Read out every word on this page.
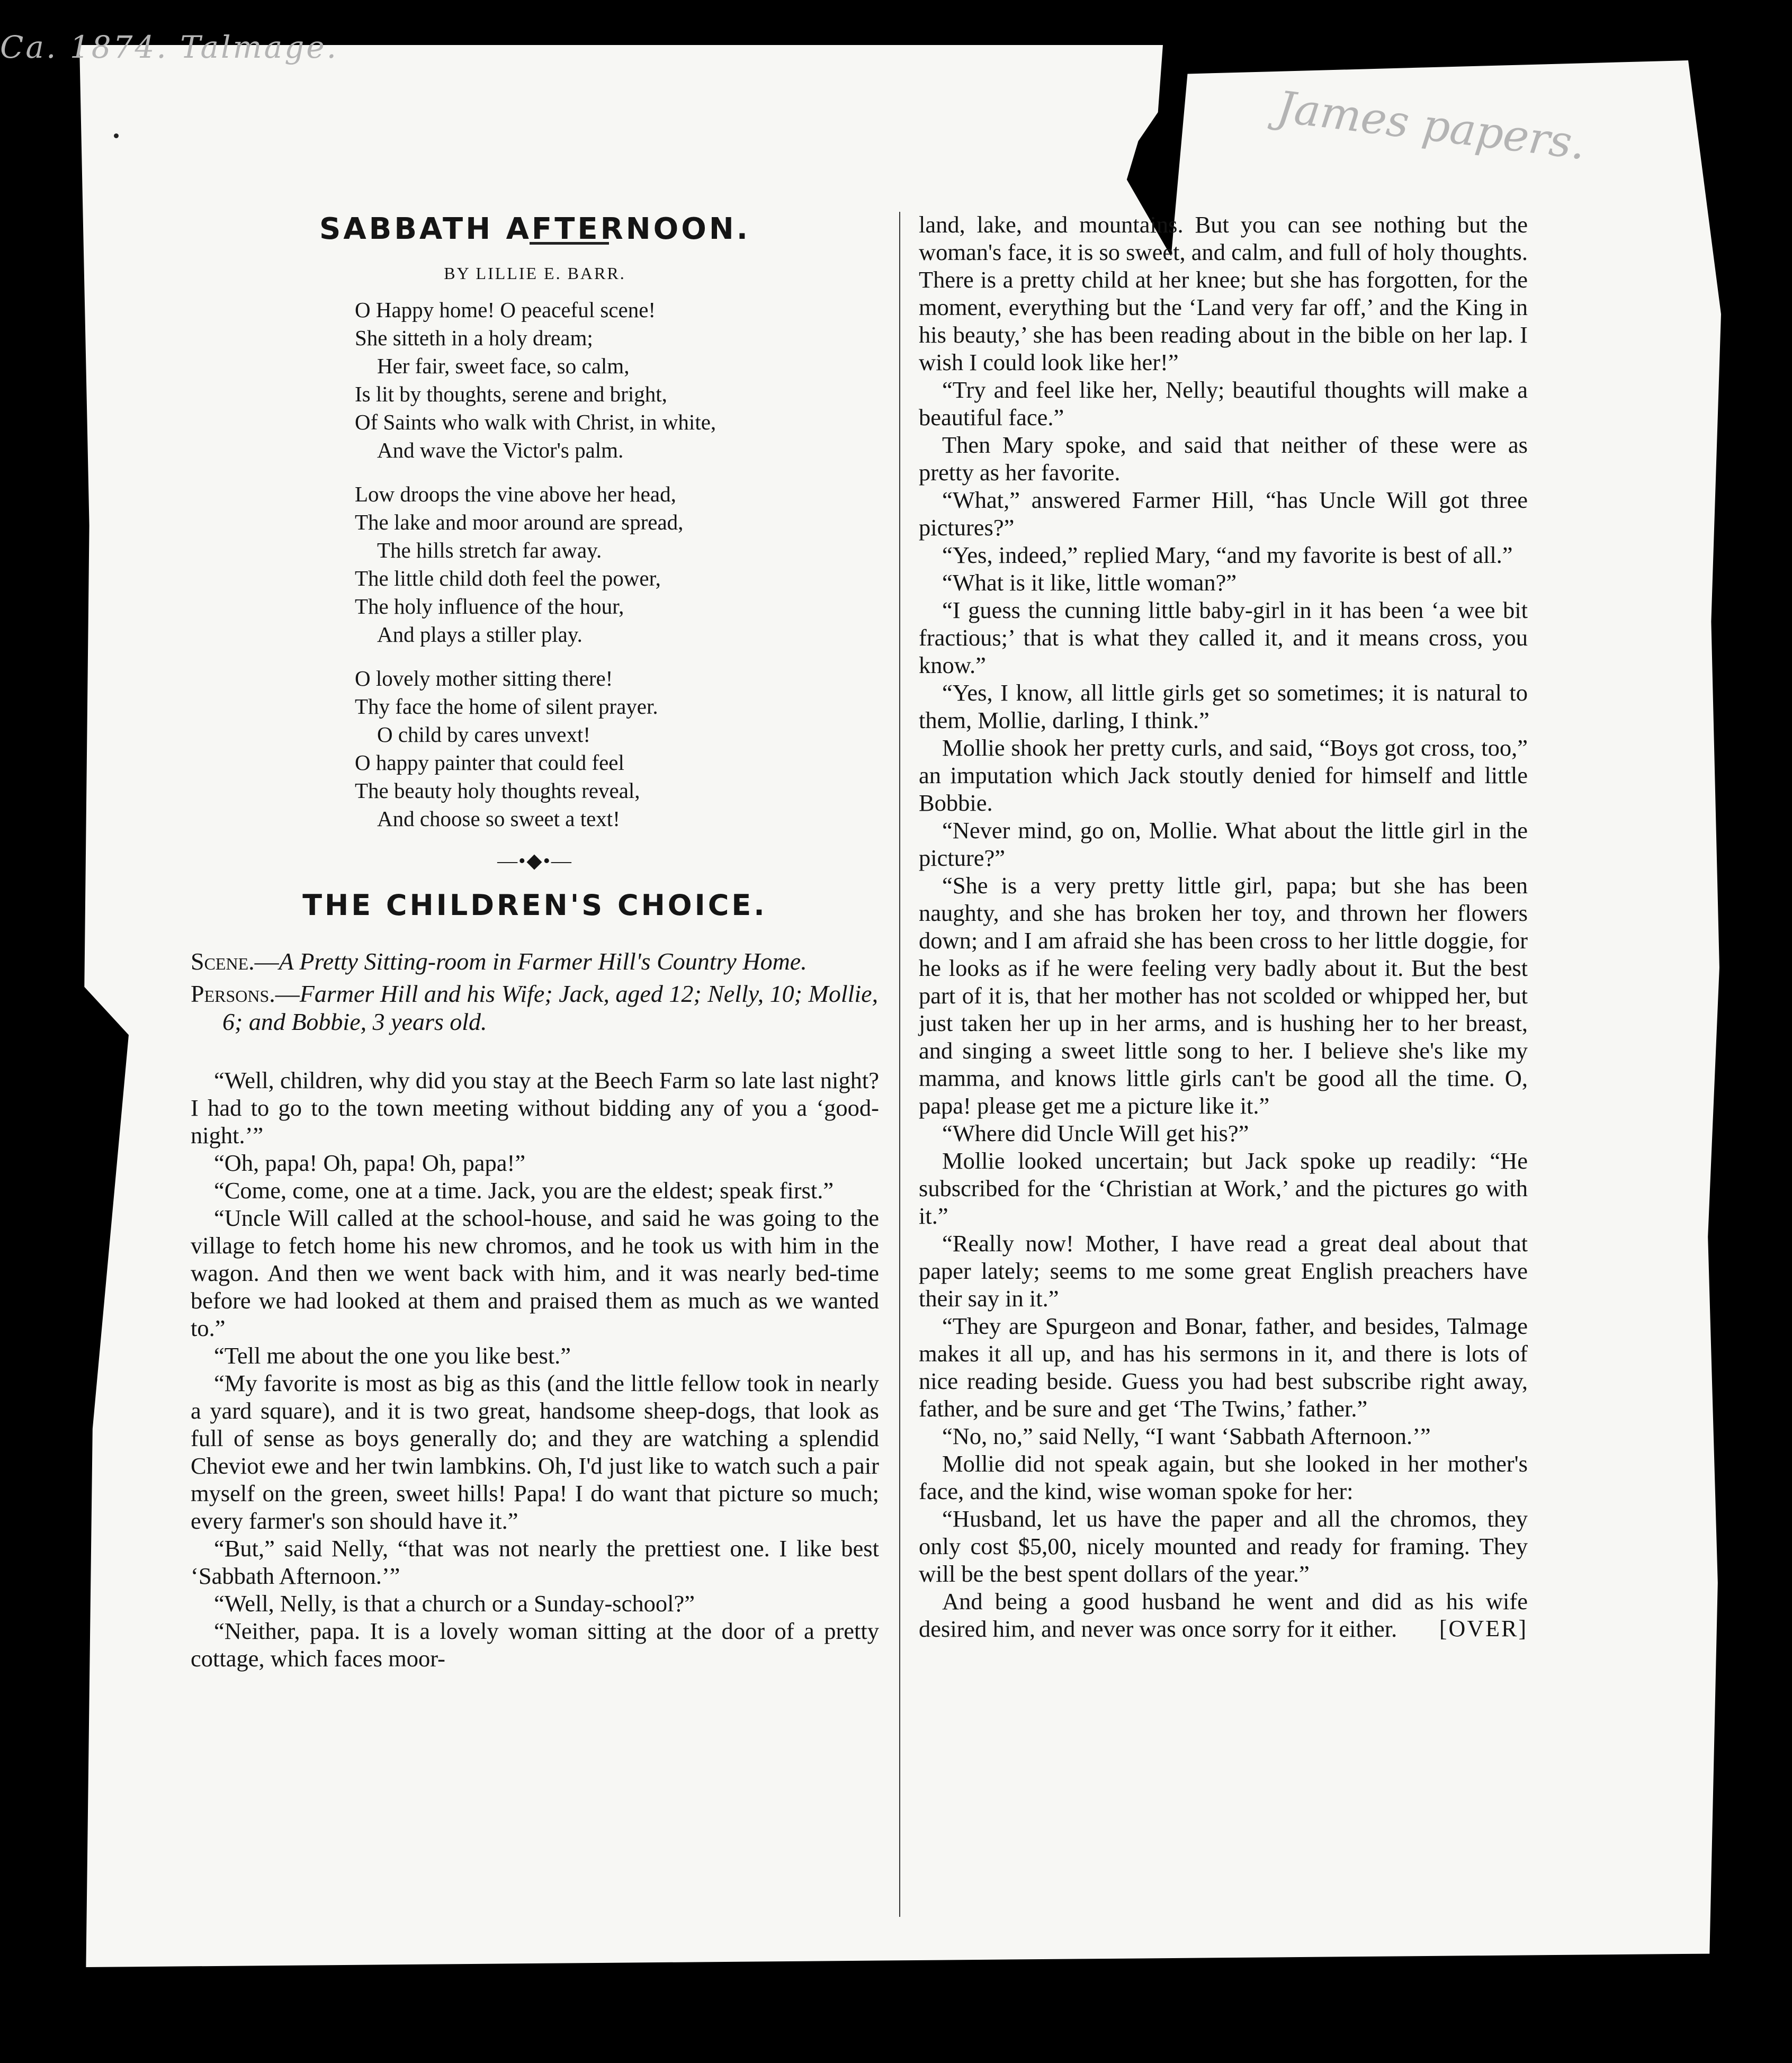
Ca. 1874. Talmage.
James papers.
SABBATH AFTERNOON.
BY LILLIE E. BARR.
O Happy home! O peaceful scene!
She sitteth in a holy dream;
Her fair, sweet face, so calm,
Is lit by thoughts, serene and bright,
Of Saints who walk with Christ, in white,
And wave the Victor's palm.
Low droops the vine above her head,
The lake and moor around are spread,
The hills stretch far away.
The little child doth feel the power,
The holy influence of the hour,
And plays a stiller play.
O lovely mother sitting there!
Thy face the home of silent prayer.
O child by cares unvext!
O happy painter that could feel
The beauty holy thoughts reveal,
And choose so sweet a text!
—•◆•—
THE CHILDREN'S CHOICE.

Scene.—A Pretty Sitting-room in Farmer Hill's Country Home.

Persons.—Farmer Hill and his Wife; Jack, aged 12; Nelly, 10; Mollie, 6; and Bobbie, 3 years old.

“Well, children, why did you stay at the Beech Farm so late last night? I had to go to the town meeting without bidding any of you a ‘good-night.’”

“Oh, papa! Oh, papa! Oh, papa!”

“Come, come, one at a time. Jack, you are the eldest; speak first.”

“Uncle Will called at the school-house, and said he was going to the village to fetch home his new chromos, and he took us with him in the wagon. And then we went back with him, and it was nearly bed-time before we had looked at them and praised them as much as we wanted to.”

“Tell me about the one you like best.”

“My favorite is most as big as this (and the little fellow took in nearly a yard square), and it is two great, handsome sheep-dogs, that look as full of sense as boys generally do; and they are watching a splendid Cheviot ewe and her twin lambkins. Oh, I'd just like to watch such a pair myself on the green, sweet hills! Papa! I do want that picture so much; every farmer's son should have it.”

“But,” said Nelly, “that was not nearly the prettiest one. I like best ‘Sabbath Afternoon.’”

“Well, Nelly, is that a church or a Sunday-school?”

“Neither, papa. It is a lovely woman sitting at the door of a pretty cottage, which faces moor-

land, lake, and mountains. But you can see nothing but the woman's face, it is so sweet, and calm, and full of holy thoughts. There is a pretty child at her knee; but she has forgotten, for the moment, everything but the ‘Land very far off,’ and the King in his beauty,’ she has been reading about in the bible on her lap. I wish I could look like her!”

“Try and feel like her, Nelly; beautiful thoughts will make a beautiful face.”

Then Mary spoke, and said that neither of these were as pretty as her favorite.

“What,” answered Farmer Hill, “has Uncle Will got three pictures?”

“Yes, indeed,” replied Mary, “and my favorite is best of all.”

“What is it like, little woman?”

“I guess the cunning little baby-girl in it has been ‘a wee bit fractious;’ that is what they called it, and it means cross, you know.”

“Yes, I know, all little girls get so sometimes; it is natural to them, Mollie, darling, I think.”

Mollie shook her pretty curls, and said, “Boys got cross, too,” an imputation which Jack stoutly denied for himself and little Bobbie.

“Never mind, go on, Mollie. What about the little girl in the picture?”

“She is a very pretty little girl, papa; but she has been naughty, and she has broken her toy, and thrown her flowers down; and I am afraid she has been cross to her little doggie, for he looks as if he were feeling very badly about it. But the best part of it is, that her mother has not scolded or whipped her, but just taken her up in her arms, and is hushing her to her breast, and singing a sweet little song to her. I believe she's like my mamma, and knows little girls can't be good all the time. O, papa! please get me a picture like it.”

“Where did Uncle Will get his?”

Mollie looked uncertain; but Jack spoke up readily: “He subscribed for the ‘Christian at Work,’ and the pictures go with it.”

“Really now! Mother, I have read a great deal about that paper lately; seems to me some great English preachers have their say in it.”

“They are Spurgeon and Bonar, father, and besides, Talmage makes it all up, and has his sermons in it, and there is lots of nice reading beside. Guess you had best subscribe right away, father, and be sure and get ‘The Twins,’ father.”

“No, no,” said Nelly, “I want ‘Sabbath Afternoon.’”

Mollie did not speak again, but she looked in her mother's face, and the kind, wise woman spoke for her:

“Husband, let us have the paper and all the chromos, they only cost $5,00, nicely mounted and ready for framing. They will be the best spent dollars of the year.”

And being a good husband he went and did as his wife desired him, and never was once sorry for it either.	[OVER]
